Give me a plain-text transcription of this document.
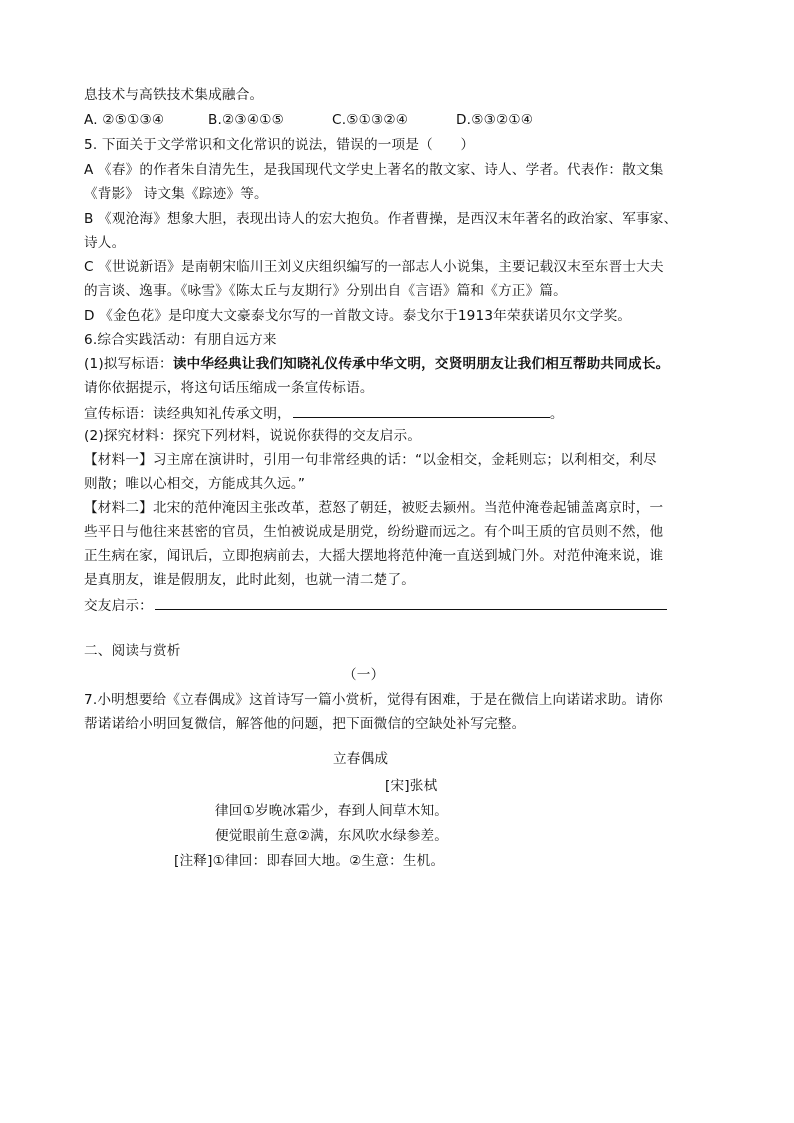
息技术与高铁技术集成融合。
A. ②⑤①③④	B.②③④①⑤	C.⑤①③②④	D.⑤③②①④
5. 下面关于文学常识和文化常识的说法，错误的一项是（　　）
A 《春》的作者朱自清先生，是我国现代文学史上著名的散文家、诗人、学者。代表作：散文集
《背影》 诗文集《踪迹》等。
B 《观沧海》想象大胆，表现出诗人的宏大抱负。作者曹操，是西汉末年著名的政治家、军事家、
诗人。
C 《世说新语》是南朝宋临川王刘义庆组织编写的一部志人小说集，主要记载汉末至东晋士大夫
的言谈、逸事。《咏雪》《陈太丘与友期行》分别出自《言语》篇和《方正》篇。
D 《金色花》是印度大文豪泰戈尔写的一首散文诗。泰戈尔于1913年荣获诺贝尔文学奖。
6.综合实践活动：有朋自远方来
(1)拟写标语：读中华经典让我们知晓礼仪传承中华文明，交贤明朋友让我们相互帮助共同成长。
请你依据提示，将这句话压缩成一条宣传标语。
宣传标语：读经典知礼传承文明，	。
(2)探究材料：探究下列材料，说说你获得的交友启示。
【材料一】习主席在演讲时，引用一句非常经典的话：“以金相交，金耗则忘；以利相交，利尽
则散；唯以心相交，方能成其久远。”
【材料二】北宋的范仲淹因主张改革，惹怒了朝廷，被贬去颍州。当范仲淹卷起铺盖离京时，一
些平日与他往来甚密的官员，生怕被说成是朋党，纷纷避而远之。有个叫王质的官员则不然，他
正生病在家，闻讯后，立即抱病前去，大摇大摆地将范仲淹一直送到城门外。对范仲淹来说，谁
是真朋友，谁是假朋友，此时此刻，也就一清二楚了。
交友启示：
二、阅读与赏析
（一）
7.小明想要给《立春偶成》这首诗写一篇小赏析，觉得有困难，于是在微信上向诺诺求助。请你
帮诺诺给小明回复微信，解答他的问题，把下面微信的空缺处补写完整。
立春偶成
[宋]张栻
律回①岁晚冰霜少，春到人间草木知。
便觉眼前生意②满，东风吹水绿参差。
[注释]①律回：即春回大地。②生意：生机。
